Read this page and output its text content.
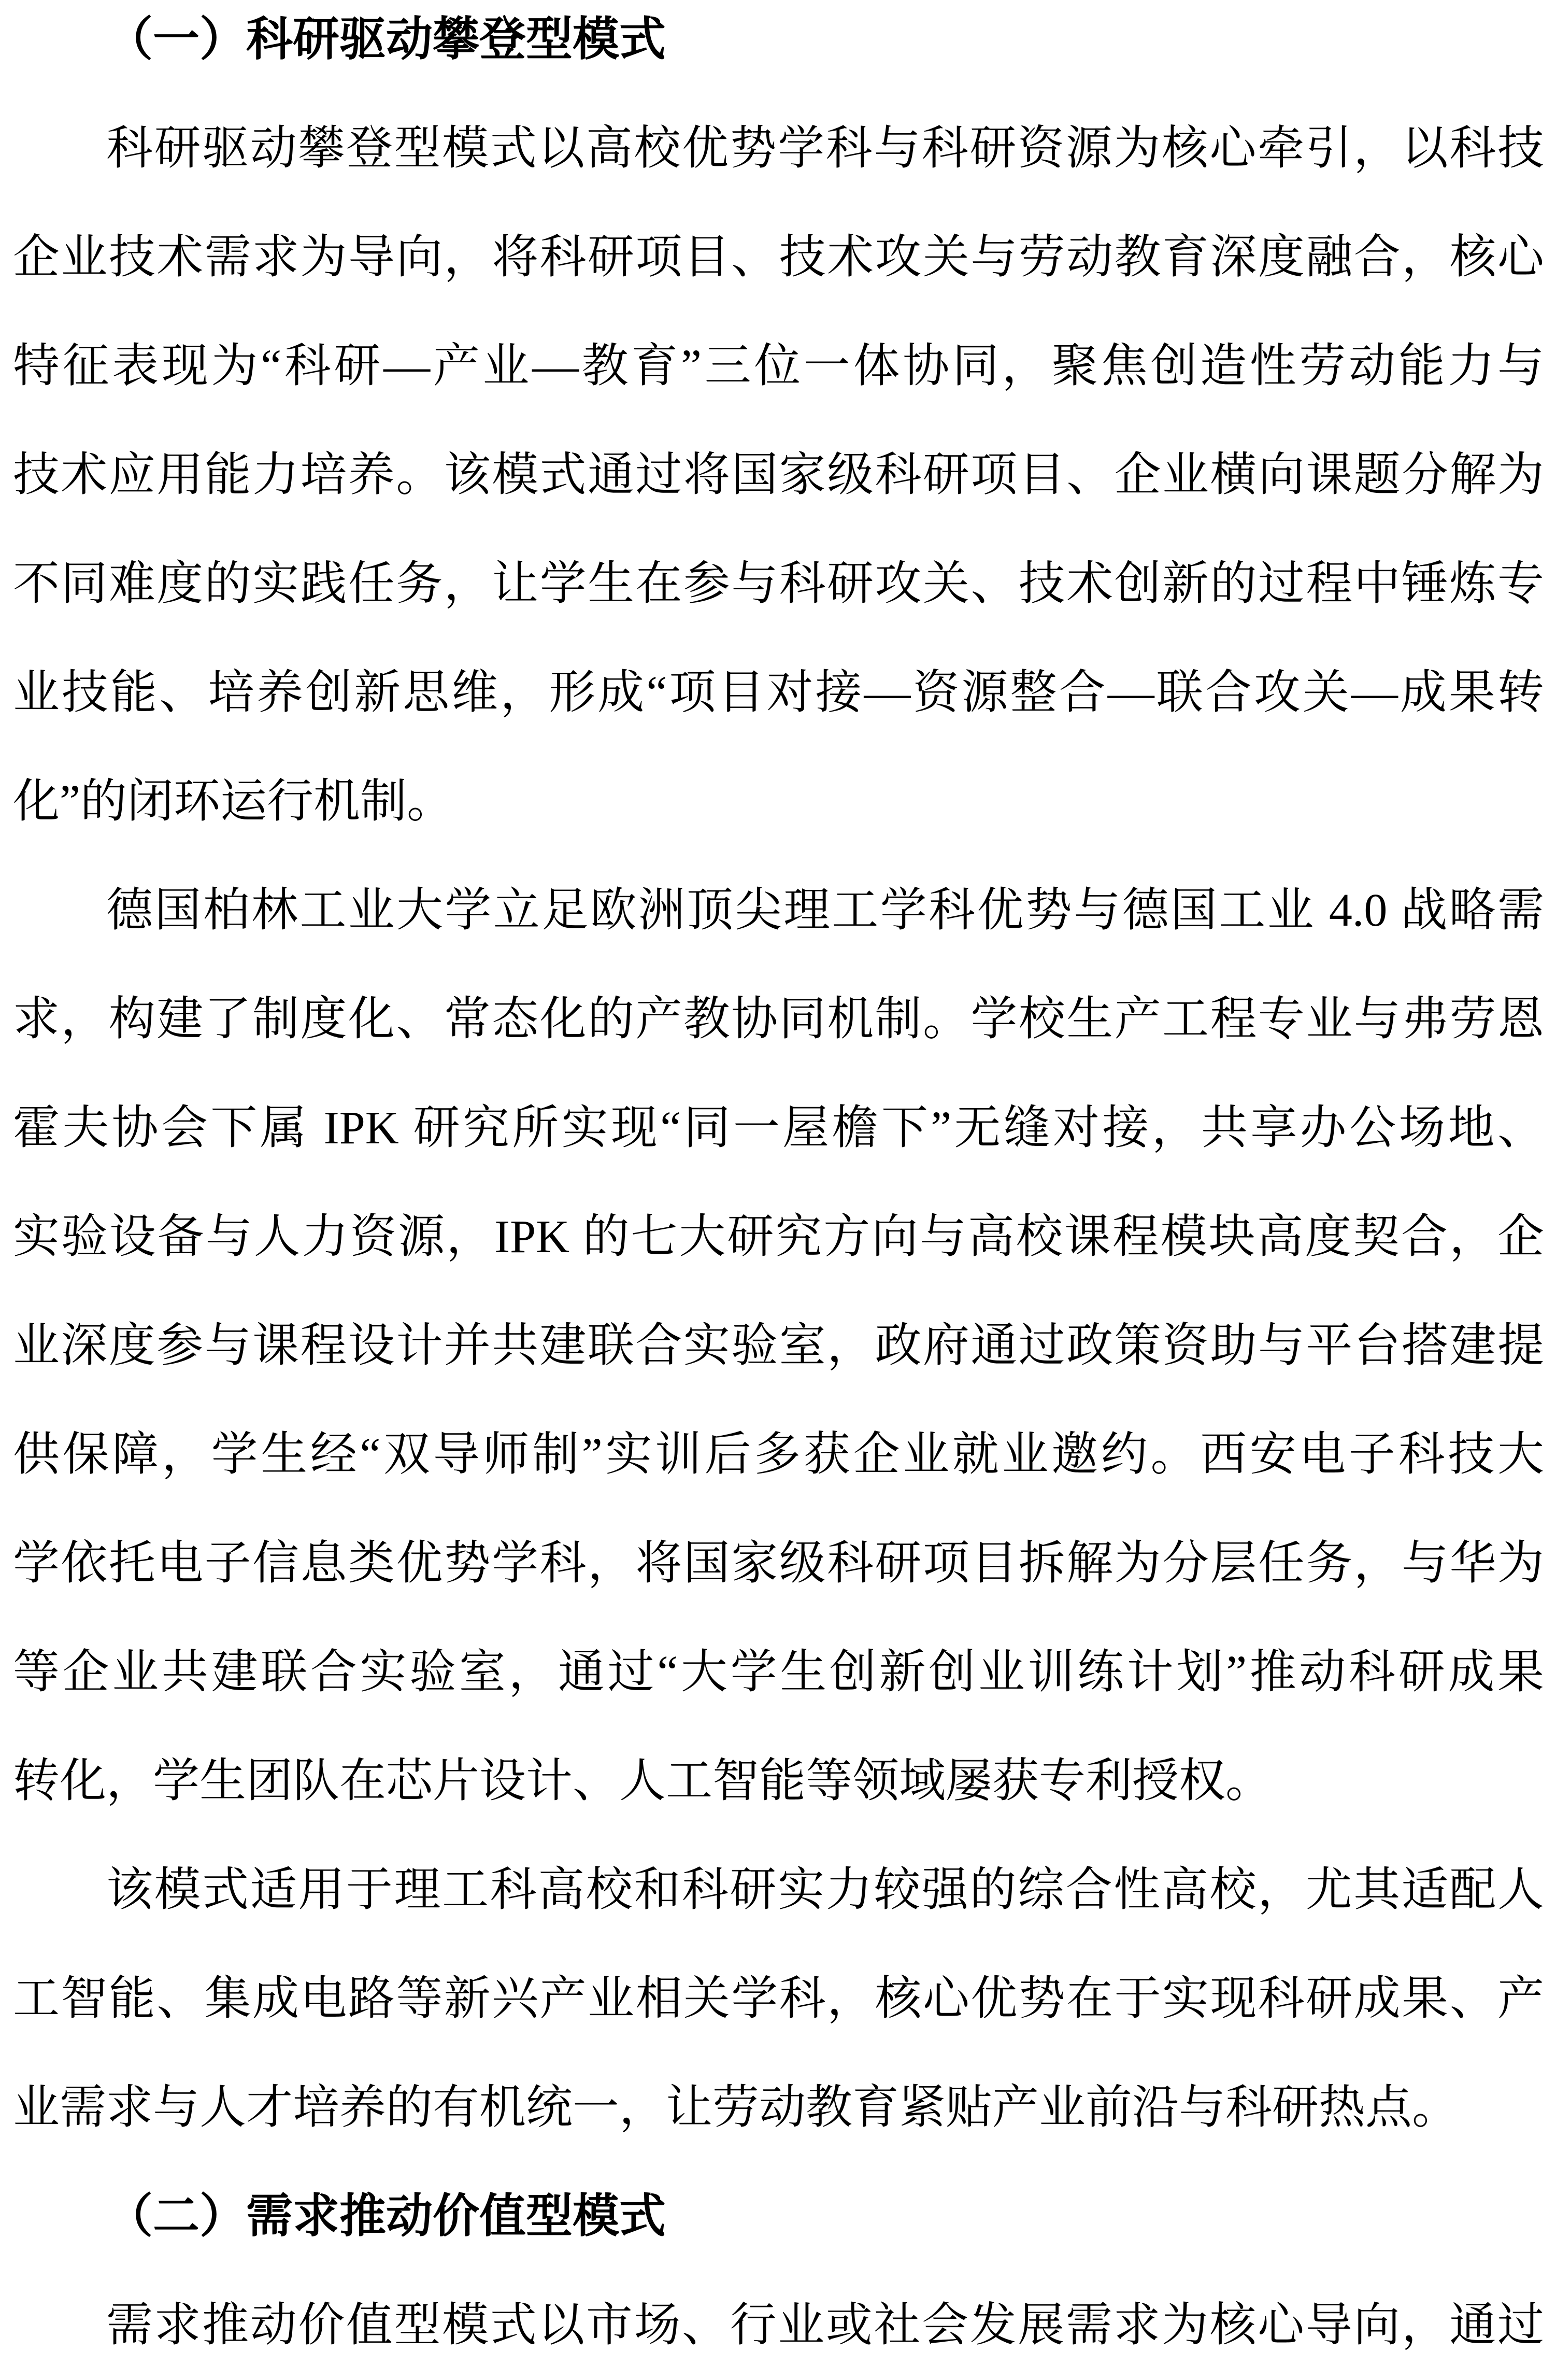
（一）科研驱动攀登型模式
科研驱动攀登型模式以高校优势学科与科研资源为核心牵引，以科技
企业技术需求为导向，将科研项目、技术攻关与劳动教育深度融合，核心
特征表现为“科研—产业—教育”三位一体协同，聚焦创造性劳动能力与
技术应用能力培养。该模式通过将国家级科研项目、企业横向课题分解为
不同难度的实践任务，让学生在参与科研攻关、技术创新的过程中锤炼专
业技能、培养创新思维，形成“项目对接—资源整合—联合攻关—成果转
化”的闭环运行机制。
德国柏林工业大学立足欧洲顶尖理工学科优势与德国工业 4.0 战略需
求，构建了制度化、常态化的产教协同机制。学校生产工程专业与弗劳恩
霍夫协会下属 IPK 研究所实现“同一屋檐下”无缝对接，共享办公场地、
实验设备与人力资源，IPK 的七大研究方向与高校课程模块高度契合，企
业深度参与课程设计并共建联合实验室，政府通过政策资助与平台搭建提
供保障，学生经“双导师制”实训后多获企业就业邀约。西安电子科技大
学依托电子信息类优势学科，将国家级科研项目拆解为分层任务，与华为
等企业共建联合实验室，通过“大学生创新创业训练计划”推动科研成果
转化，学生团队在芯片设计、人工智能等领域屡获专利授权。
该模式适用于理工科高校和科研实力较强的综合性高校，尤其适配人
工智能、集成电路等新兴产业相关学科，核心优势在于实现科研成果、产
业需求与人才培养的有机统一，让劳动教育紧贴产业前沿与科研热点。
（二）需求推动价值型模式
需求推动价值型模式以市场、行业或社会发展需求为核心导向，通过
